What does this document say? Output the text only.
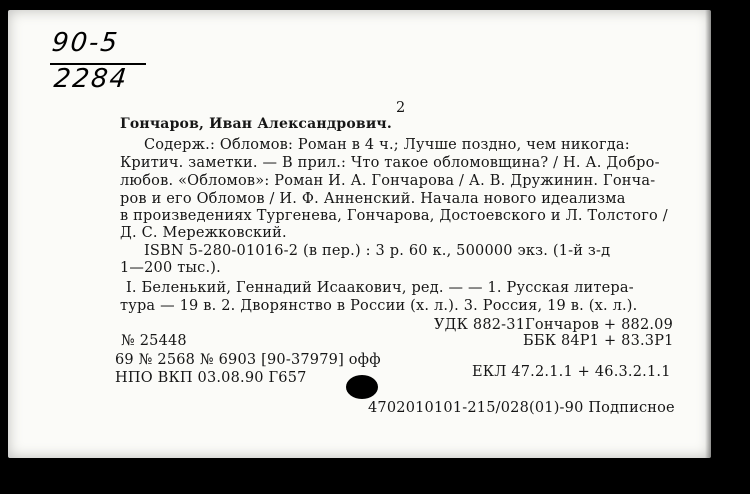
90-5
2284
2
Гончаров, Иван Александрович.
Содерж.: Обломов: Роман в 4 ч.; Лучше поздно, чем никогда:
Критич. заметки. — В прил.: Что такое обломовщина? / Н. А. Добро-
любов. «Обломов»: Роман И. А. Гончарова / А. В. Дружинин. Гонча-
ров и его Обломов / И. Ф. Анненский. Начала нового идеализма
в произведениях Тургенева, Гончарова, Достоевского и Л. Толстого /
Д. С. Мережковский.
ISBN 5-280-01016-2 (в пер.) : 3 р. 60 к., 500000 экз. (1-й з-д
1—200 тыс.).
I. Беленький, Геннадий Исаакович, ред. — — 1. Русская литера-
тура — 19 в. 2. Дворянство в России (х. л.). 3. Россия, 19 в. (х. л.).
УДК 882-31Гончаров + 882.09
№ 25448	ББК 84Р1 + 83.3Р1
69 № 2568 № 6903 [90-37979] офф
ЕКЛ 47.2.1.1 + 46.3.2.1.1
НПО ВКП 03.08.90 Г657
4702010101-215/028(01)-90 Подписное
